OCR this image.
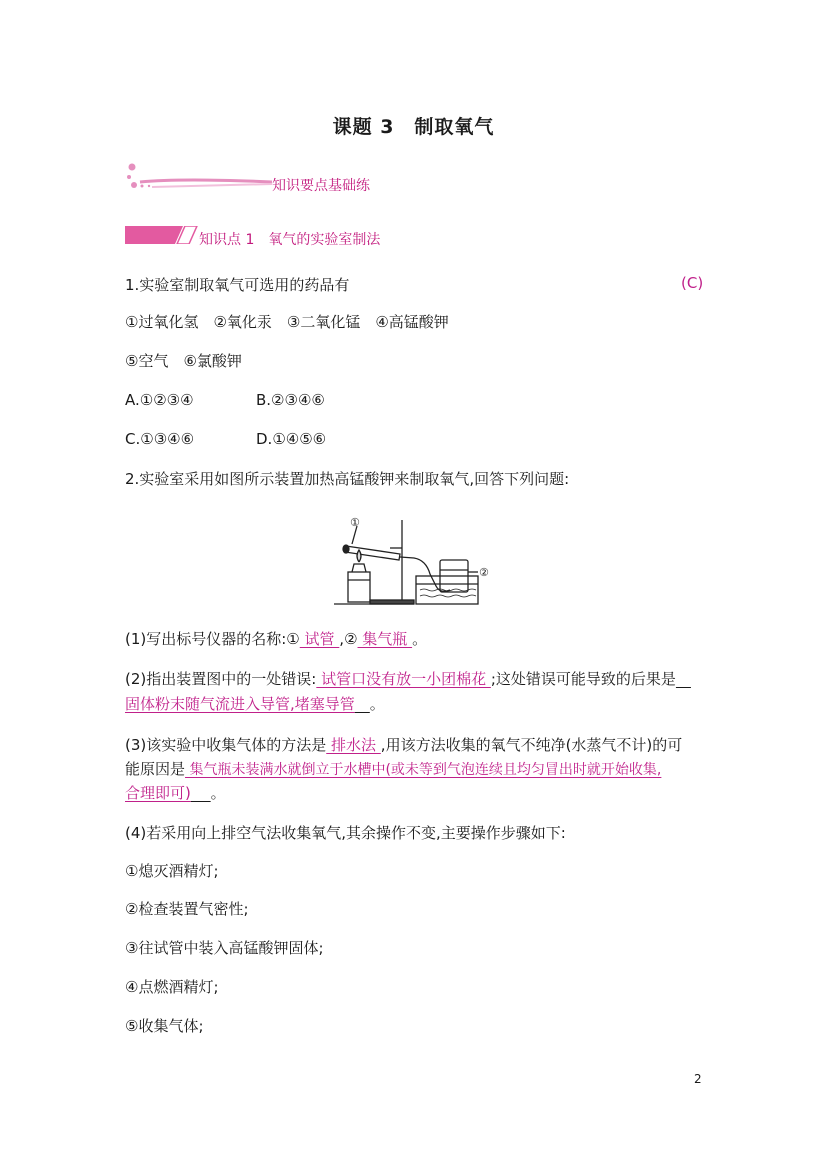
课题 3　制取氧气
知识要点基础练
知识点 1　氧气的实验室制法
1.实验室制取氧气可选用的药品有	(C)
①过氧化氢　②氧化汞　③二氧化锰　④高锰酸钾
⑤空气　⑥氯酸钾
A.①②③④	B.②③④⑥
C.①③④⑥	D.①④⑤⑥
2.实验室采用如图所示装置加热高锰酸钾来制取氧气,回答下列问题:
①
②
(1)写出标号仪器的名称:① 试管 ,② 集气瓶 。
(2)指出装置图中的一处错误: 试管口没有放一小团棉花 ;这处错误可能导致的后果是　
固体粉末随气流进入导管,堵塞导管　 。
(3)该实验中收集气体的方法是 排水法 ,用该方法收集的氧气不纯净(水蒸气不计)的可
能原因是 集气瓶未装满水就倒立于水槽中(或未等到气泡连续且均匀冒出时就开始收集,
合理即可)　 。
(4)若采用向上排空气法收集氧气,其余操作不变,主要操作步骤如下:
①熄灭酒精灯;
②检查装置气密性;
③往试管中装入高锰酸钾固体;
④点燃酒精灯;
⑤收集气体;
2
